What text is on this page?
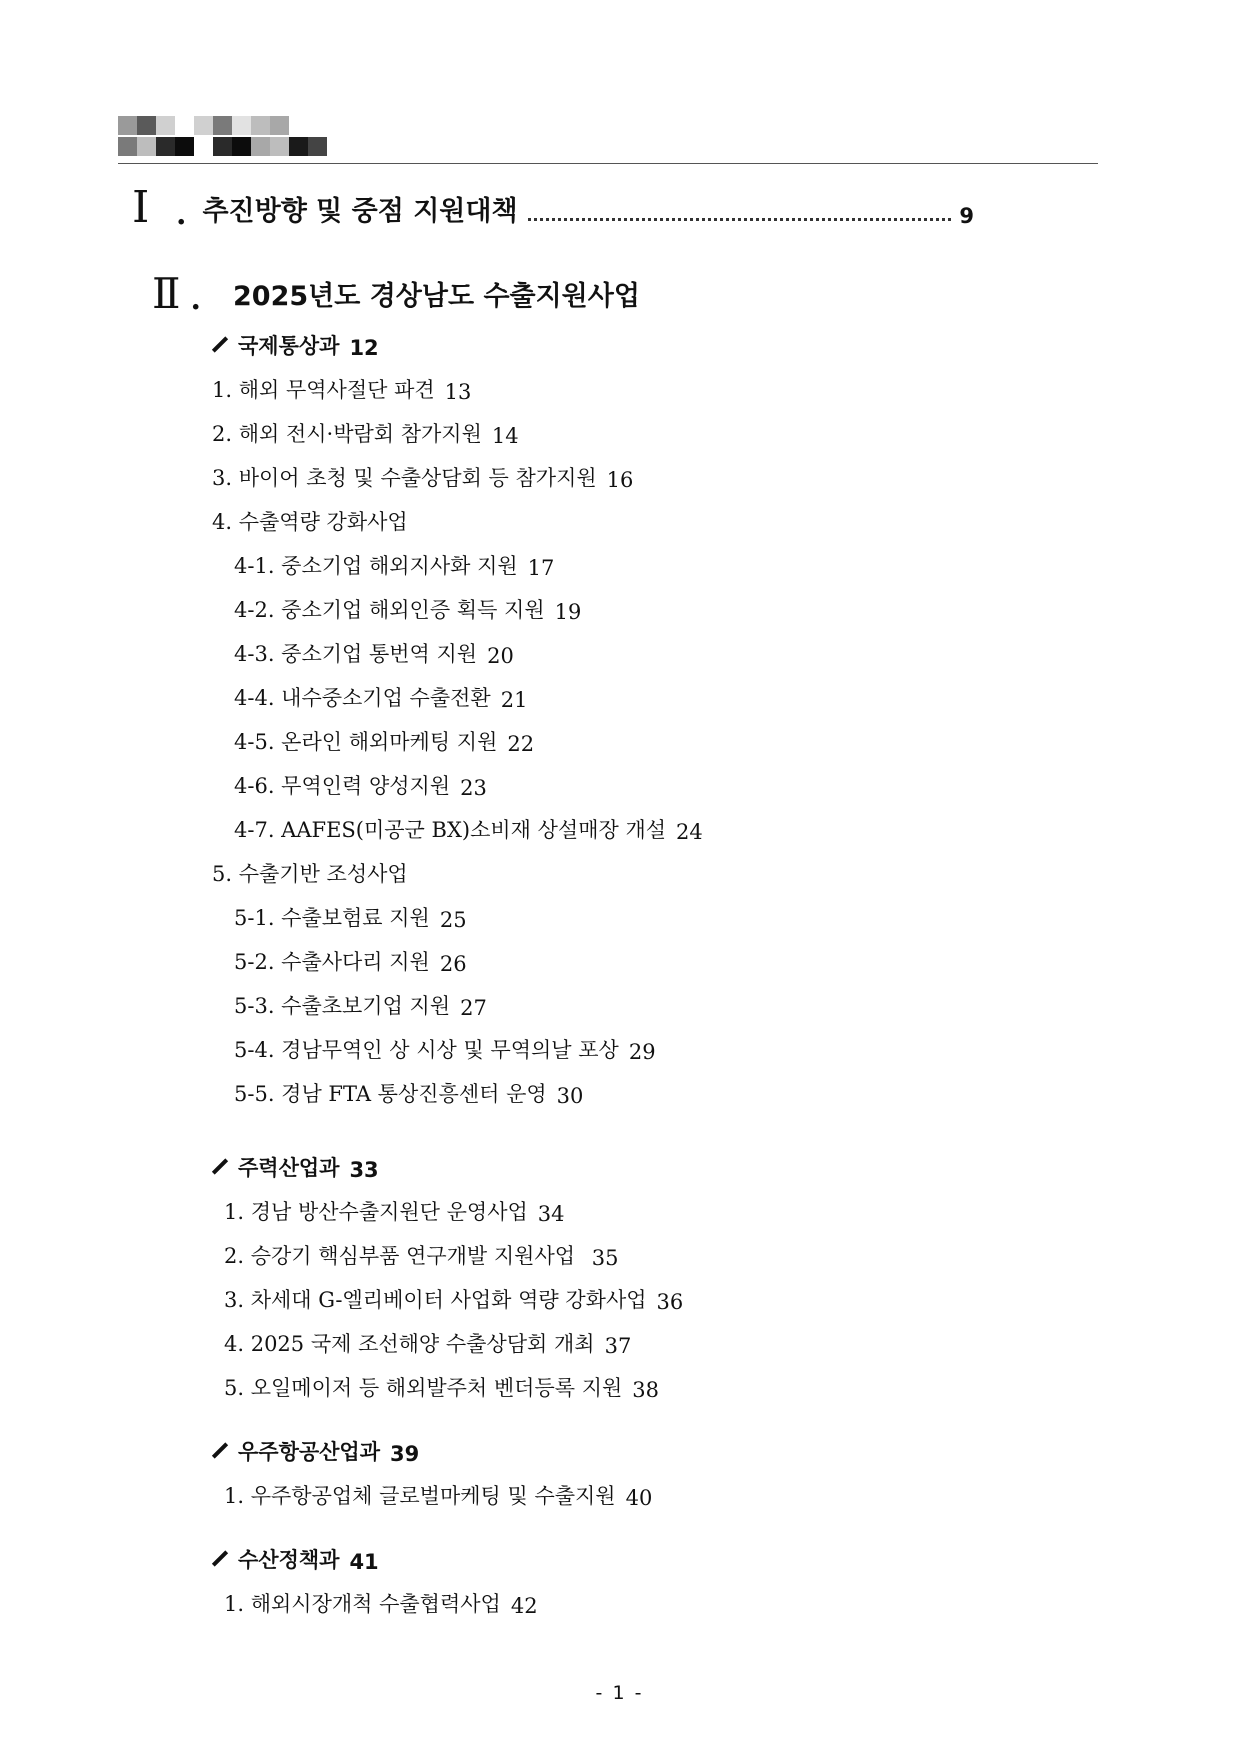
Ⅰ . 추진방향 및 중점 지원대책	9
Ⅱ . 2025년도 경상남도 수출지원사업
국제통상과 12
1. 해외 무역사절단 파견 13
2. 해외 전시·박람회 참가지원 14
3. 바이어 초청 및 수출상담회 등 참가지원 16
4. 수출역량 강화사업
4-1. 중소기업 해외지사화 지원 17
4-2. 중소기업 해외인증 획득 지원 19
4-3. 중소기업 통번역 지원 20
4-4. 내수중소기업 수출전환 21
4-5. 온라인 해외마케팅 지원 22
4-6. 무역인력 양성지원 23
4-7. AAFES(미공군 BX)소비재 상설매장 개설 24
5. 수출기반 조성사업
5-1. 수출보험료 지원 25
5-2. 수출사다리 지원 26
5-3. 수출초보기업 지원 27
5-4. 경남무역인 상 시상 및 무역의날 포상 29
5-5. 경남 FTA 통상진흥센터 운영 30
주력산업과 33
1. 경남 방산수출지원단 운영사업 34
2. 승강기 핵심부품 연구개발 지원사업 35
3. 차세대 G-엘리베이터 사업화 역량 강화사업 36
4. 2025 국제 조선해양 수출상담회 개최 37
5. 오일메이저 등 해외발주처 벤더등록 지원 38
우주항공산업과 39
1. 우주항공업체 글로벌마케팅 및 수출지원 40
수산정책과 41
1. 해외시장개척 수출협력사업 42
- 1 -
